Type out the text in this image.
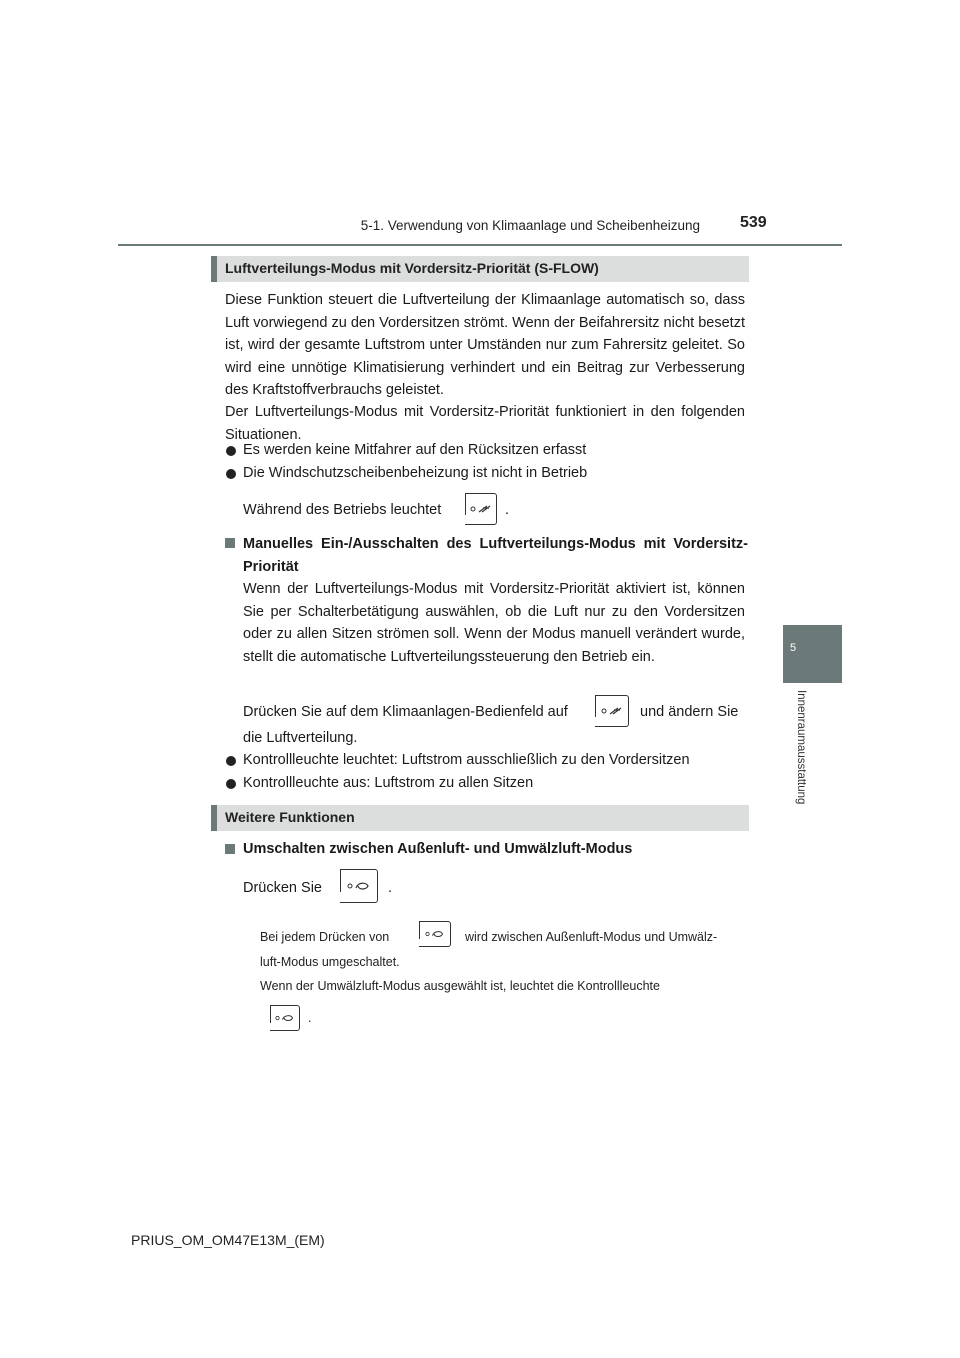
5-1. Verwendung von Klimaanlage und Scheibenheizung	539
5
Innenraumausstattung
Luftverteilungs-Modus mit Vordersitz-Priorität (S-FLOW)
Diese Funktion steuert die Luftverteilung der Klimaanlage automatisch so, dass Luft vorwiegend zu den Vordersitzen strömt. Wenn der Beifahrersitz nicht besetzt ist, wird der gesamte Luftstrom unter Umständen nur zum Fahrersitz geleitet. So wird eine unnötige Klimatisierung verhindert und ein Beitrag zur Verbesserung des Kraftstoffverbrauchs geleistet.
Der Luftverteilungs-Modus mit Vordersitz-Priorität funktioniert in den folgenden Situationen.
Es werden keine Mitfahrer auf den Rücksitzen erfasst
Die Windschutzscheibenbeheizung ist nicht in Betrieb
Während des Betriebs leuchtet	.
Manuelles Ein-/Ausschalten des Luftverteilungs-Modus mit Vordersitz-Priorität
Wenn der Luftverteilungs-Modus mit Vordersitz-Priorität aktiviert ist, können Sie per Schalterbetätigung auswählen, ob die Luft nur zu den Vordersitzen oder zu allen Sitzen strömen soll. Wenn der Modus manuell verändert wurde, stellt die automatische Luftverteilungssteuerung den Betrieb ein.
Drücken Sie auf dem Klimaanlagen-Bedienfeld auf	und ändern Sie
die Luftverteilung.
Kontrollleuchte leuchtet: Luftstrom ausschließlich zu den Vordersitzen
Kontrollleuchte aus: Luftstrom zu allen Sitzen
Weitere Funktionen
Umschalten zwischen Außenluft- und Umwälzluft-Modus
Drücken Sie	.
Bei jedem Drücken von	wird zwischen Außenluft-Modus und Umwälz-
luft-Modus umgeschaltet.
Wenn der Umwälzluft-Modus ausgewählt ist, leuchtet die Kontrollleuchte
.
PRIUS_OM_OM47E13M_(EM)
